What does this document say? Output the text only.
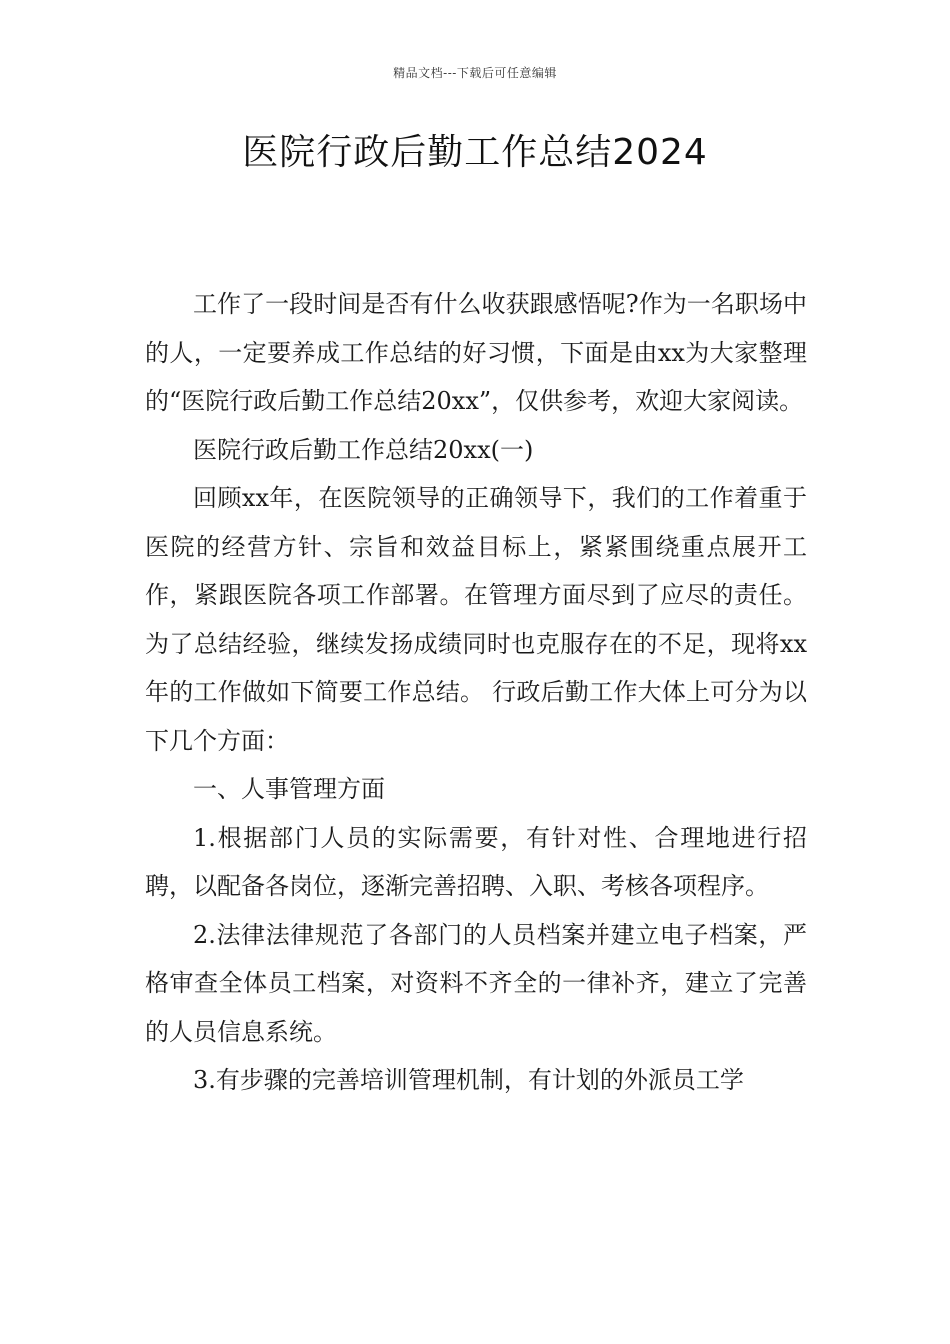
精品文档---下载后可任意编辑
医院行政后勤工作总结2024

工作了一段时间是否有什么收获跟感悟呢?作为一名职场中的人，一定要养成工作总结的好习惯，下面是由xx为大家整理的“医院行政后勤工作总结20xx”，仅供参考，欢迎大家阅读。

医院行政后勤工作总结20xx(一)

回顾xx年，在医院领导的正确领导下，我们的工作着重于医院的经营方针、宗旨和效益目标上，紧紧围绕重点展开工作，紧跟医院各项工作部署。在管理方面尽到了应尽的责任。为了总结经验，继续发扬成绩同时也克服存在的不足，现将xx年的工作做如下简要工作总结。 行政后勤工作大体上可分为以下几个方面：

一、人事管理方面

1.根据部门人员的实际需要，有针对性、合理地进行招聘，以配备各岗位，逐渐完善招聘、入职、考核各项程序。

2.法律法律规范了各部门的人员档案并建立电子档案，严格审查全体员工档案，对资料不齐全的一律补齐，建立了完善的人员信息系统。

3.有步骤的完善培训管理机制，有计划的外派员工学
